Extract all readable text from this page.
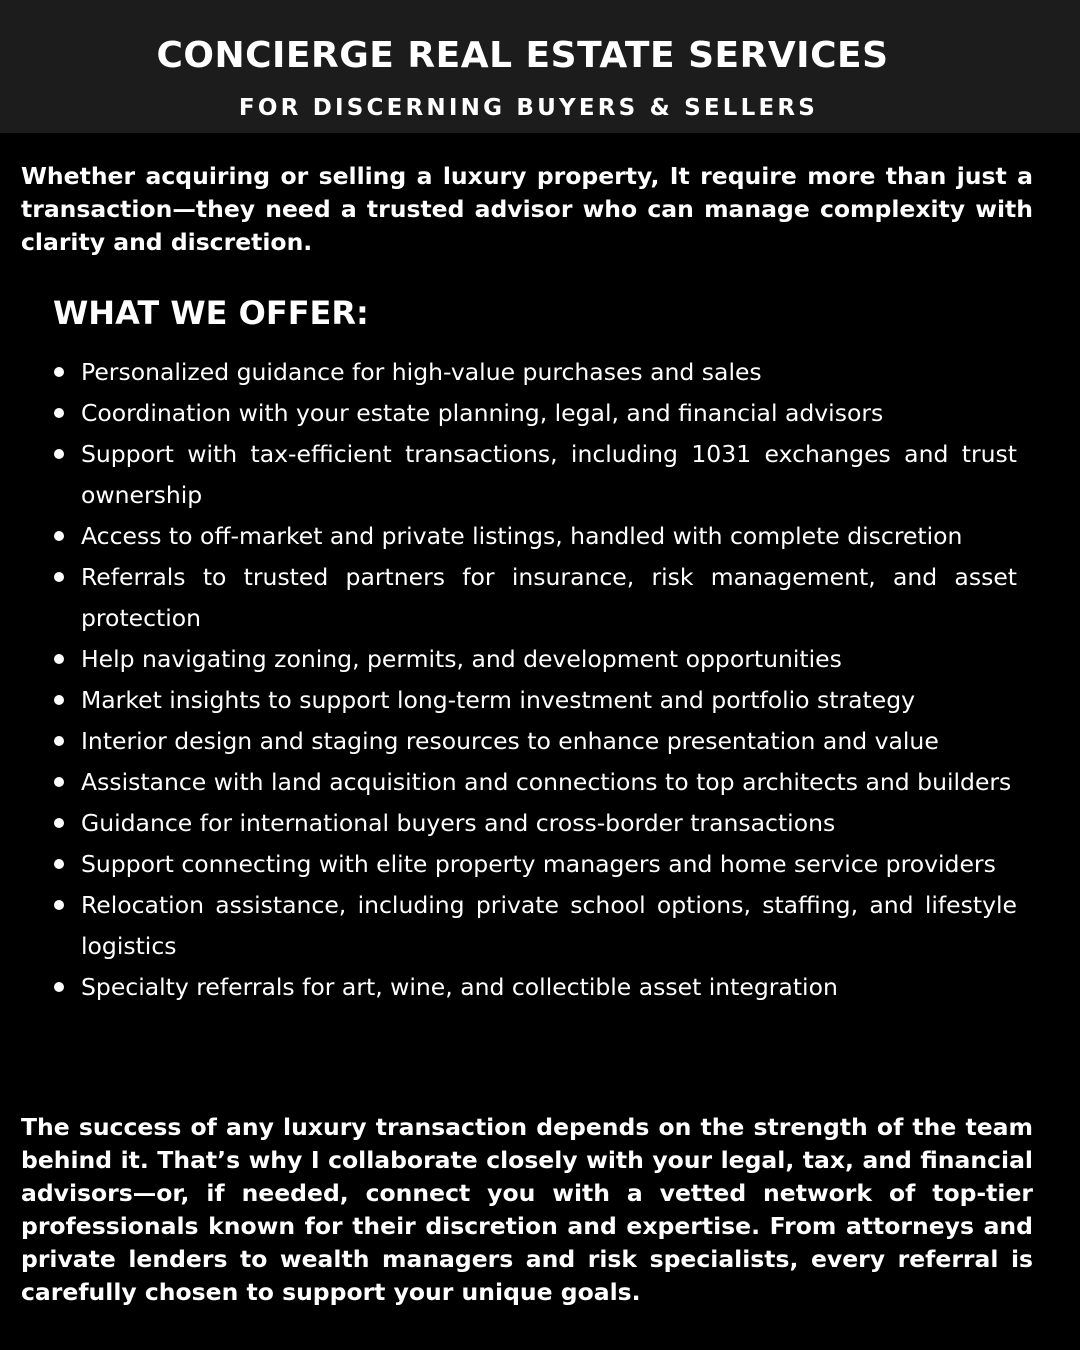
CONCIERGE REAL ESTATE SERVICES
FOR DISCERNING BUYERS & SELLERS

Whether acquiring or selling a luxury property, It require more than just a transaction—they need a trusted advisor who can manage complexity with clarity and discretion.

WHAT WE OFFER:
Personalized guidance for high-value purchases and sales
Coordination with your estate planning, legal, and financial advisors
Support with tax-efficient transactions, including 1031 exchanges and trust ownership
Access to off-market and private listings, handled with complete discretion
Referrals to trusted partners for insurance, risk management, and asset protection
Help navigating zoning, permits, and development opportunities
Market insights to support long-term investment and portfolio strategy
Interior design and staging resources to enhance presentation and value
Assistance with land acquisition and connections to top architects and builders
Guidance for international buyers and cross-border transactions
Support connecting with elite property managers and home service providers
Relocation assistance, including private school options, staffing, and lifestyle logistics
Specialty referrals for art, wine, and collectible asset integration

The success of any luxury transaction depends on the strength of the team behind it. That’s why I collaborate closely with your legal, tax, and financial advisors—or, if needed, connect you with a vetted network of top-tier professionals known for their discretion and expertise. From attorneys and private lenders to wealth managers and risk specialists, every referral is carefully chosen to support your unique goals.
